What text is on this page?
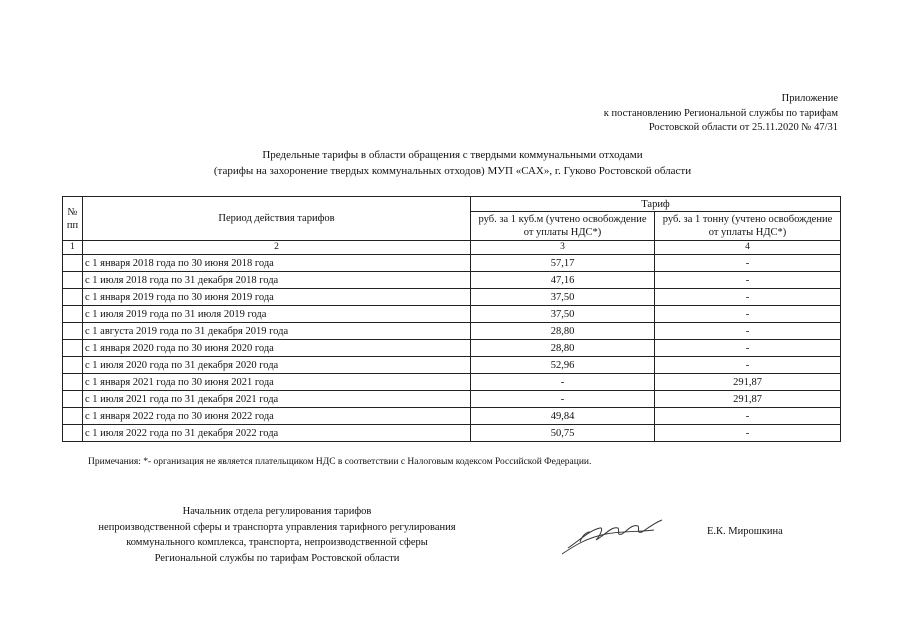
Приложение
к постановлению Региональной службы по тарифам
Ростовской области от 25.11.2020 № 47/31
Предельные тарифы в области обращения с твердыми коммунальными отходами
(тарифы на захоронение твердых коммунальных отходов) МУП «САХ», г. Гуково Ростовской области
№ пп	Период действия тарифов	Тариф	
		руб. за 1 куб.м (учтено освобождение от уплаты НДС*)	руб. за 1 тонну (учтено освобождение от уплаты НДС*)
1	2	3	4
	с 1 января 2018 года по 30 июня 2018 года	57,17	-
	с 1 июля 2018 года по 31 декабря 2018 года	47,16	-
	с 1 января 2019 года по 30 июня 2019 года	37,50	-
	с 1 июля 2019 года по 31 июля 2019 года	37,50	-
	с 1 августа 2019 года по 31 декабря 2019 года	28,80	-
	с 1 января 2020 года по 30 июня 2020 года	28,80	-
	с 1 июля 2020 года по 31 декабря 2020 года	52,96	-
	с 1 января 2021 года по 30 июня 2021 года	-	291,87
	с 1 июля 2021 года по 31 декабря 2021 года	-	291,87
	с 1 января 2022 года по 30 июня 2022 года	49,84	-
	с 1 июля 2022 года по 31 декабря 2022 года	50,75	-
Примечания: *- организация не является плательщиком НДС в соответствии с Налоговым кодексом Российской Федерации.
Начальник отдела регулирования тарифов
непроизводственной сферы и транспорта управления тарифного регулирования
коммунального комплекса, транспорта, непроизводственной сферы
Региональной службы по тарифам Ростовской области
Е.К. Мирошкина
